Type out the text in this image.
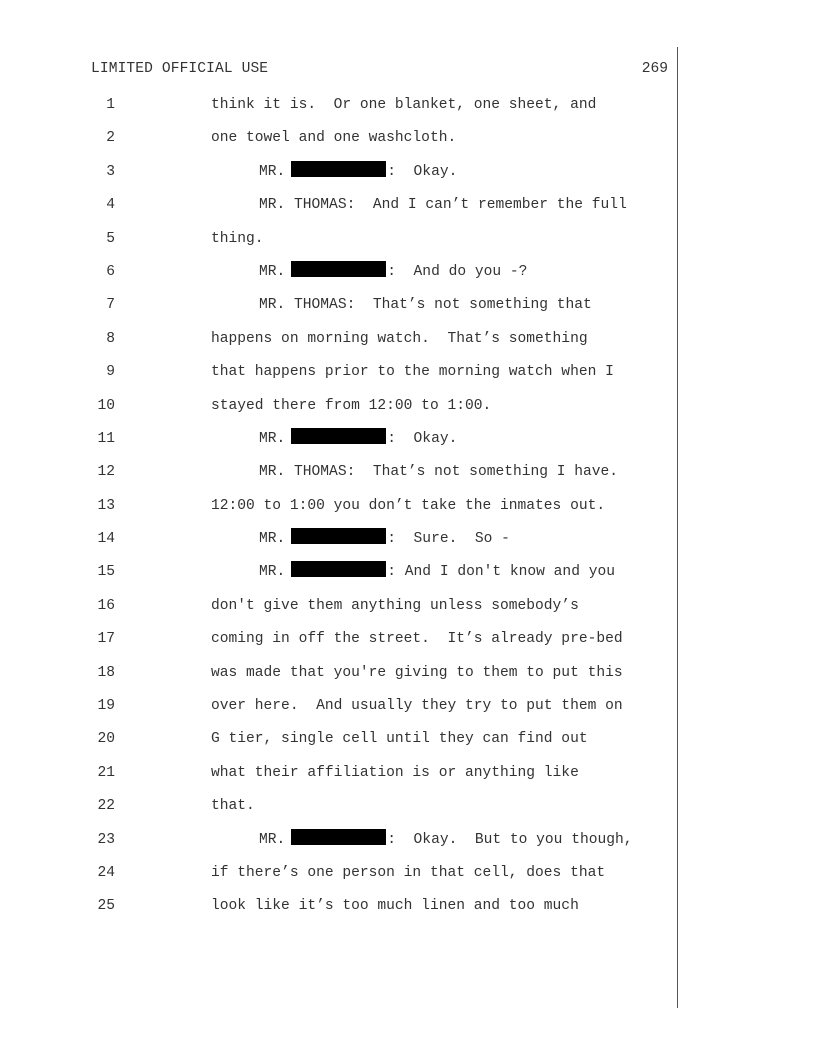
LIMITED OFFICIAL USE	269
1	think it is.  Or one blanket, one sheet, and
2	one towel and one washcloth.
3	MR.	:  Okay.
4	MR. THOMAS:  And I can’t remember the full
5	thing.
6	MR.	:  And do you -?
7	MR. THOMAS:  That’s not something that
8	happens on morning watch.  That’s something
9	that happens prior to the morning watch when I
10	stayed there from 12:00 to 1:00.
11	MR.	:  Okay.
12	MR. THOMAS:  That’s not something I have.
13	12:00 to 1:00 you don’t take the inmates out.
14	MR.	:  Sure.  So -
15	MR.	: And I don't know and you
16	don't give them anything unless somebody’s
17	coming in off the street.  It’s already pre-bed
18	was made that you're giving to them to put this
19	over here.  And usually they try to put them on
20	G tier, single cell until they can find out
21	what their affiliation is or anything like
22	that.
23	MR.	:  Okay.  But to you though,
24	if there’s one person in that cell, does that
25	look like it’s too much linen and too much
